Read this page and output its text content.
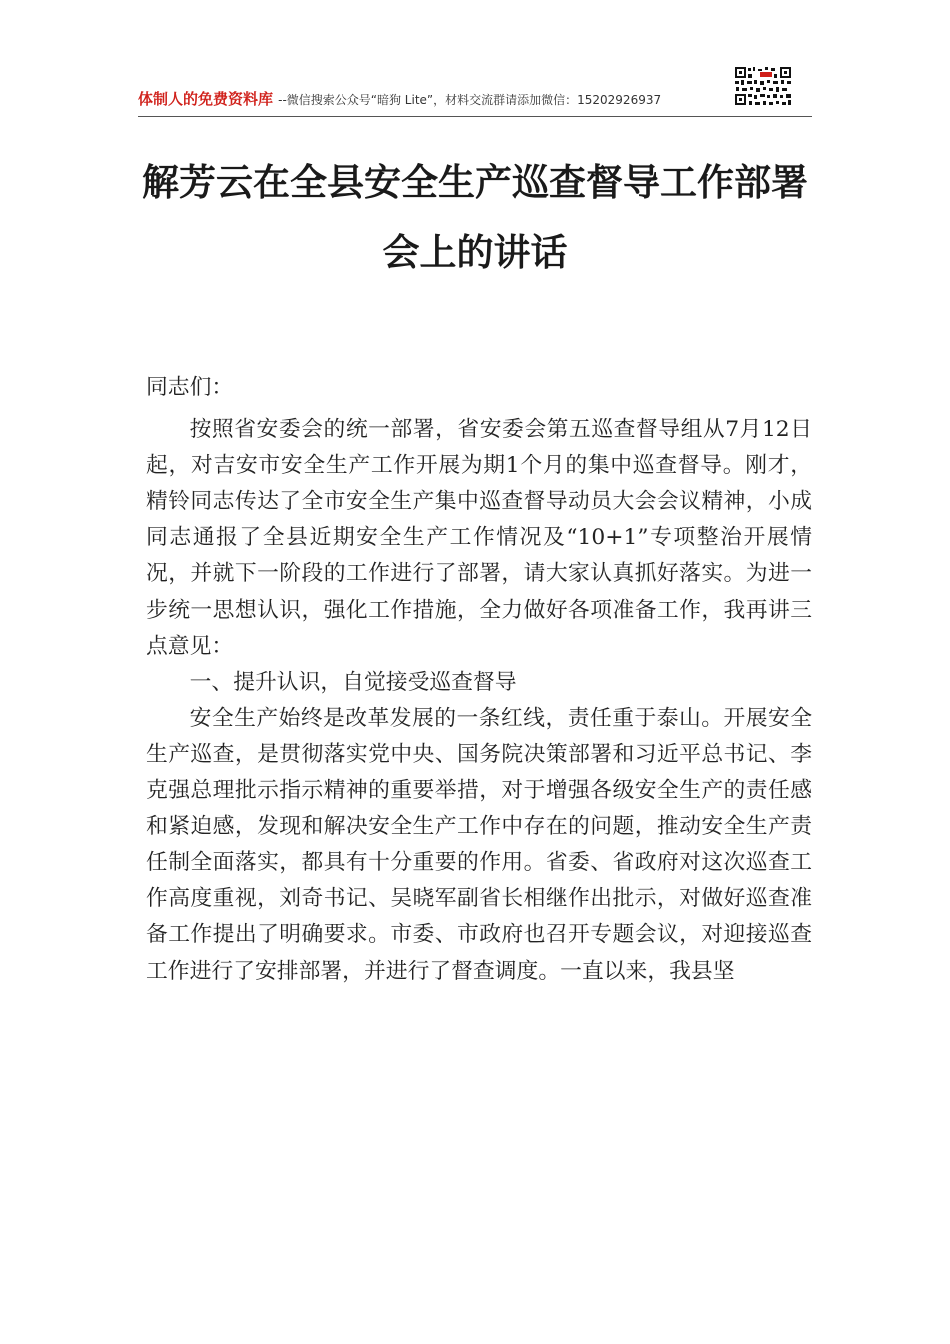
体制人的免费资料库 --微信搜索公众号“暗狗 Lite”，材料交流群请添加微信：15202926937
解芳云在全县安全生产巡查督导工作部署
会上的讲话

同志们：

按照省安委会的统一部署，省安委会第五巡查督导组从7月12日起，对吉安市安全生产工作开展为期1个月的集中巡查督导。刚才，精铃同志传达了全市安全生产集中巡查督导动员大会会议精神，小成同志通报了全县近期安全生产工作情况及“10+1”专项整治开展情况，并就下一阶段的工作进行了部署，请大家认真抓好落实。为进一步统一思想认识，强化工作措施，全力做好各项准备工作，我再讲三点意见：

一、提升认识，自觉接受巡查督导

安全生产始终是改革发展的一条红线，责任重于泰山。开展安全生产巡查，是贯彻落实党中央、国务院决策部署和习近平总书记、李克强总理批示指示精神的重要举措，对于增强各级安全生产的责任感和紧迫感，发现和解决安全生产工作中存在的问题，推动安全生产责任制全面落实，都具有十分重要的作用。省委、省政府对这次巡查工作高度重视，刘奇书记、吴晓军副省长相继作出批示，对做好巡查准备工作提出了明确要求。市委、市政府也召开专题会议，对迎接巡查工作进行了安排部署，并进行了督查调度。一直以来，我县坚
